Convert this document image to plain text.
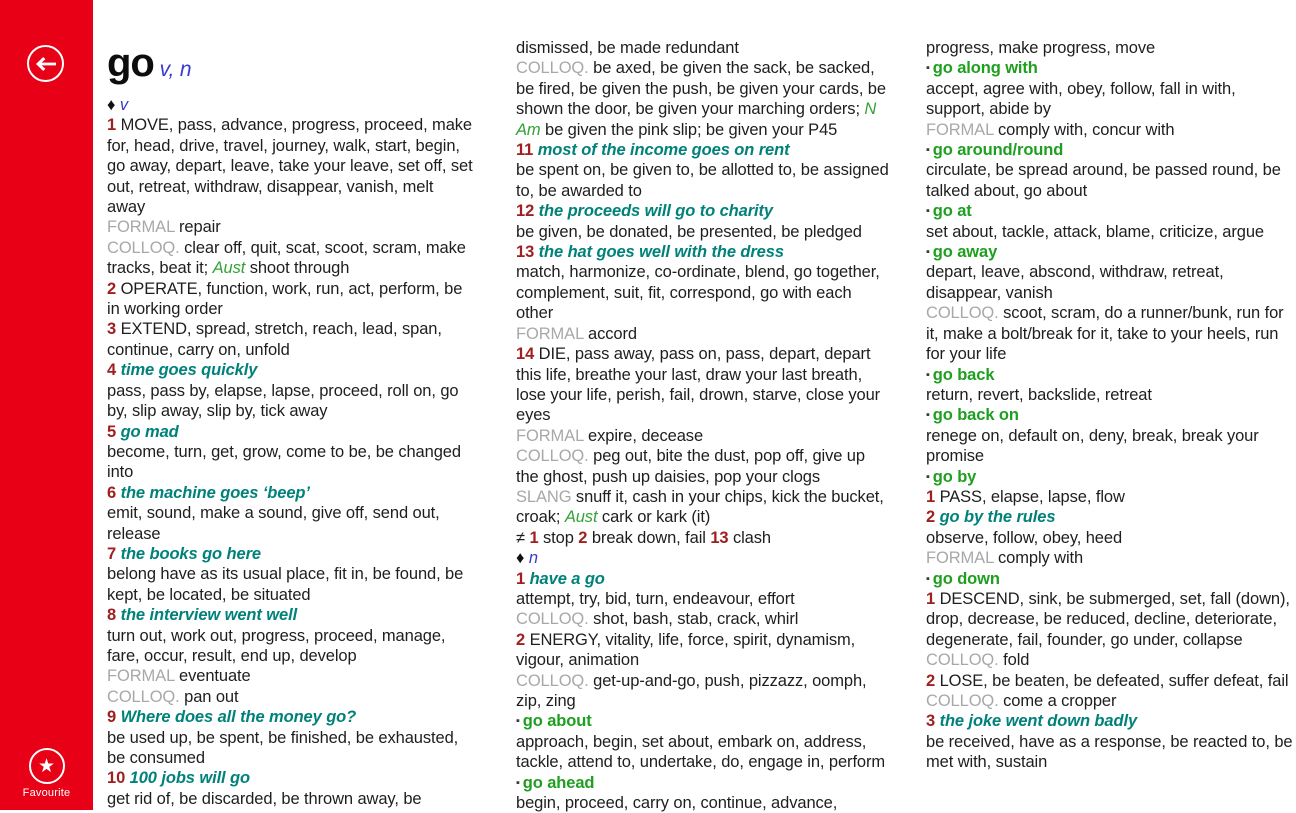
★
Favourite
go v, n
♦ v
1 MOVE, pass, advance, progress, proceed, make for, head, drive, travel, journey, walk, start, begin, go away, depart, leave, take your leave, set off, set out, retreat, withdraw, disappear, vanish, melt away
FORMAL repair
COLLOQ. clear off, quit, scat, scoot, scram, make tracks, beat it; Aust shoot through
2 OPERATE, function, work, run, act, perform, be in working order
3 EXTEND, spread, stretch, reach, lead, span, continue, carry on, unfold
4 time goes quickly
pass, pass by, elapse, lapse, proceed, roll on, go by, slip away, slip by, tick away
5 go mad
become, turn, get, grow, come to be, be changed into
6 the machine goes ‘beep’
emit, sound, make a sound, give off, send out, release
7 the books go here
belong have as its usual place, fit in, be found, be kept, be located, be situated
8 the interview went well
turn out, work out, progress, proceed, manage, fare, occur, result, end up, develop
FORMAL eventuate
COLLOQ. pan out
9 Where does all the money go?
be used up, be spent, be finished, be exhausted, be consumed
10 100 jobs will go
get rid of, be discarded, be thrown away, be
dismissed, be made redundant
COLLOQ. be axed, be given the sack, be sacked, be fired, be given the push, be given your cards, be shown the door, be given your marching orders; N Am be given the pink slip; be given your P45
11 most of the income goes on rent
be spent on, be given to, be allotted to, be assigned to, be awarded to
12 the proceeds will go to charity
be given, be donated, be presented, be pledged
13 the hat goes well with the dress
match, harmonize, co-ordinate, blend, go together, complement, suit, fit, correspond, go with each other
FORMAL accord
14 DIE, pass away, pass on, pass, depart, depart this life, breathe your last, draw your last breath, lose your life, perish, fail, drown, starve, close your eyes
FORMAL expire, decease
COLLOQ. peg out, bite the dust, pop off, give up the ghost, push up daisies, pop your clogs
SLANG snuff it, cash in your chips, kick the bucket, croak; Aust cark or kark (it)
≠ 1 stop 2 break down, fail 13 clash
♦ n
1 have a go
attempt, try, bid, turn, endeavour, effort
COLLOQ. shot, bash, stab, crack, whirl
2 ENERGY, vitality, life, force, spirit, dynamism, vigour, animation
COLLOQ. get-up-and-go, push, pizzazz, oomph, zip, zing
▪ go about
approach, begin, set about, embark on, address, tackle, attend to, undertake, do, engage in, perform
▪ go ahead
begin, proceed, carry on, continue, advance,
progress, make progress, move
▪ go along with
accept, agree with, obey, follow, fall in with, support, abide by
FORMAL comply with, concur with
▪ go around/round
circulate, be spread around, be passed round, be talked about, go about
▪ go at
set about, tackle, attack, blame, criticize, argue
▪ go away
depart, leave, abscond, withdraw, retreat, disappear, vanish
COLLOQ. scoot, scram, do a runner/bunk, run for it, make a bolt/break for it, take to your heels, run for your life
▪ go back
return, revert, backslide, retreat
▪ go back on
renege on, default on, deny, break, break your promise
▪ go by
1 PASS, elapse, lapse, flow
2 go by the rules
observe, follow, obey, heed
FORMAL comply with
▪ go down
1 DESCEND, sink, be submerged, set, fall (down), drop, decrease, be reduced, decline, deteriorate, degenerate, fail, founder, go under, collapse
COLLOQ. fold
2 LOSE, be beaten, be defeated, suffer defeat, fail
COLLOQ. come a cropper
3 the joke went down badly
be received, have as a response, be reacted to, be met with, sustain
